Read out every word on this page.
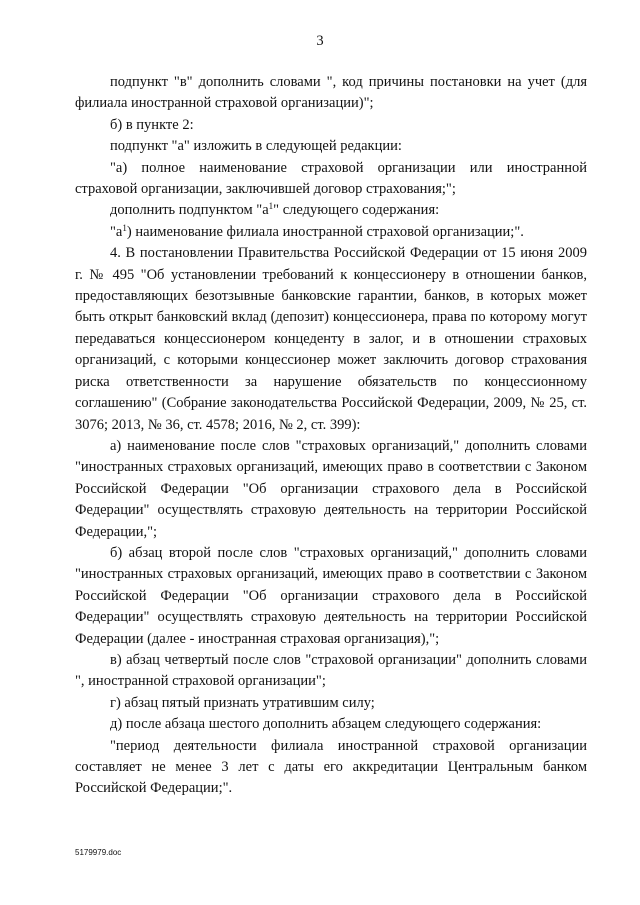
3

подпункт "в" дополнить словами ", код причины постановки на учет (для филиала иностранной страховой организации)";

б) в пункте 2:

подпункт "а" изложить в следующей редакции:

"а) полное наименование страховой организации или иностранной страховой организации, заключившей договор страхования;";

дополнить подпунктом "$а^1$" следующего содержания:

"$а^1$) наименование филиала иностранной страховой организации;".

4. В постановлении Правительства Российской Федерации от 15 июня 2009 г. № 495 "Об установлении требований к концессионеру в отношении банков, предоставляющих безотзывные банковские гарантии, банков, в которых может быть открыт банковский вклад (депозит) концессионера, права по которому могут передаваться концессионером концеденту в залог, и в отношении страховых организаций, с которыми концессионер может заключить договор страхования риска ответственности за нарушение обязательств по концессионному соглашению" (Собрание законодательства Российской Федерации, 2009, № 25, ст. 3076; 2013, № 36, ст. 4578; 2016, № 2, ст. 399):

а) наименование после слов "страховых организаций," дополнить словами "иностранных страховых организаций, имеющих право в соответствии с Законом Российской Федерации "Об организации страхового дела в Российской Федерации" осуществлять страховую деятельность на территории Российской Федерации,";

б) абзац второй после слов "страховых организаций," дополнить словами "иностранных страховых организаций, имеющих право в соответствии с Законом Российской Федерации "Об организации страхового дела в Российской Федерации" осуществлять страховую деятельность на территории Российской Федерации (далее - иностранная страховая организация),";

в) абзац четвертый после слов "страховой организации" дополнить словами ", иностранной страховой организации";

г) абзац пятый признать утратившим силу;

д) после абзаца шестого дополнить абзацем следующего содержания:

"период деятельности филиала иностранной страховой организации составляет не менее 3 лет с даты его аккредитации Центральным банком Российской Федерации;".

5179979.doc
